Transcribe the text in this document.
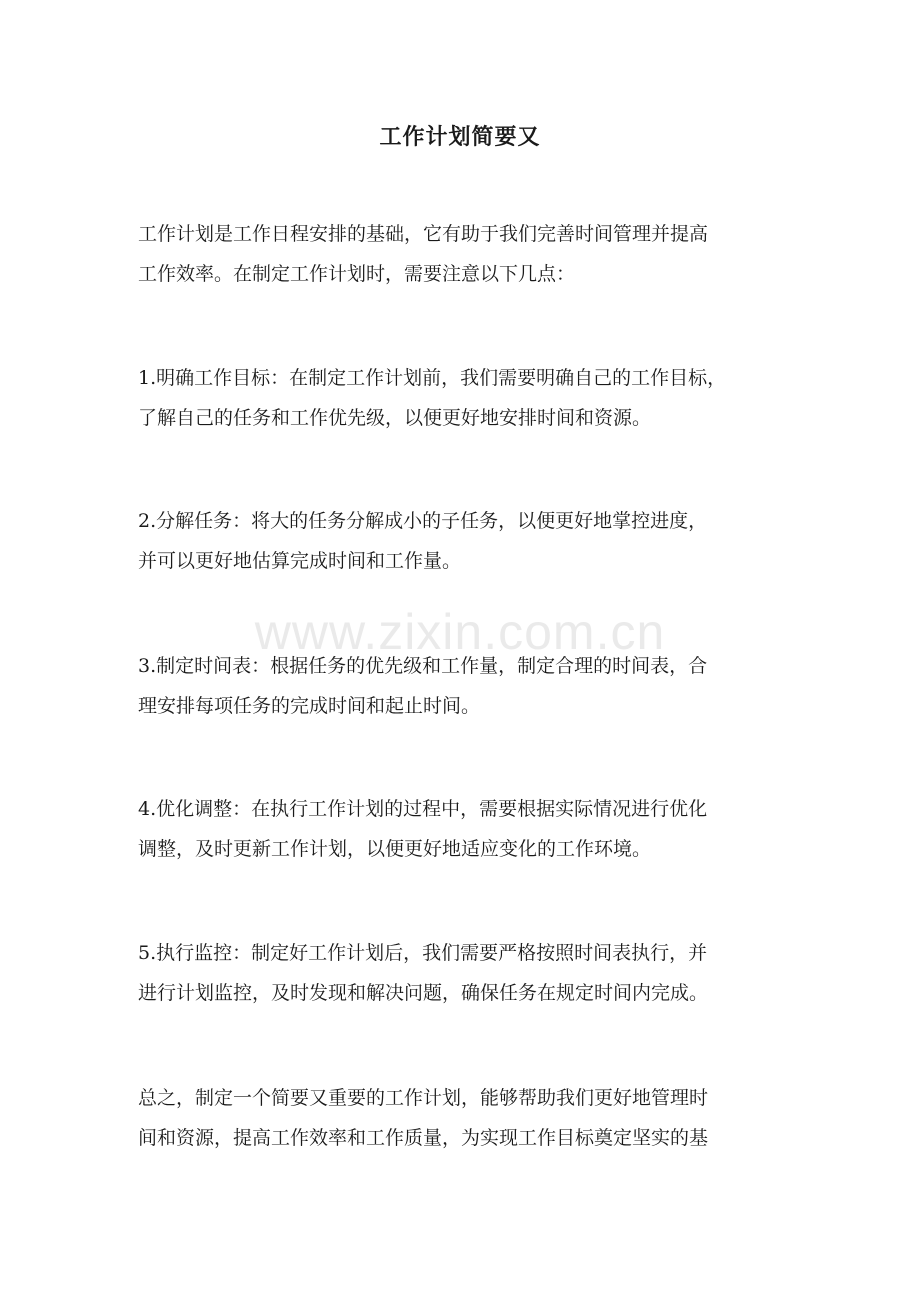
工作计划简要又
工作计划是工作日程安排的基础，它有助于我们完善时间管理并提高
工作效率。在制定工作计划时，需要注意以下几点：
1.明确工作目标：在制定工作计划前，我们需要明确自己的工作目标，
了解自己的任务和工作优先级，以便更好地安排时间和资源。
2.分解任务：将大的任务分解成小的子任务，以便更好地掌控进度，
并可以更好地估算完成时间和工作量。
3.制定时间表：根据任务的优先级和工作量，制定合理的时间表，合
理安排每项任务的完成时间和起止时间。
4.优化调整：在执行工作计划的过程中，需要根据实际情况进行优化
调整，及时更新工作计划，以便更好地适应变化的工作环境。
5.执行监控：制定好工作计划后，我们需要严格按照时间表执行，并
进行计划监控，及时发现和解决问题，确保任务在规定时间内完成。
总之，制定一个简要又重要的工作计划，能够帮助我们更好地管理时
间和资源，提高工作效率和工作质量，为实现工作目标奠定坚实的基
www.zixin.com.cn
